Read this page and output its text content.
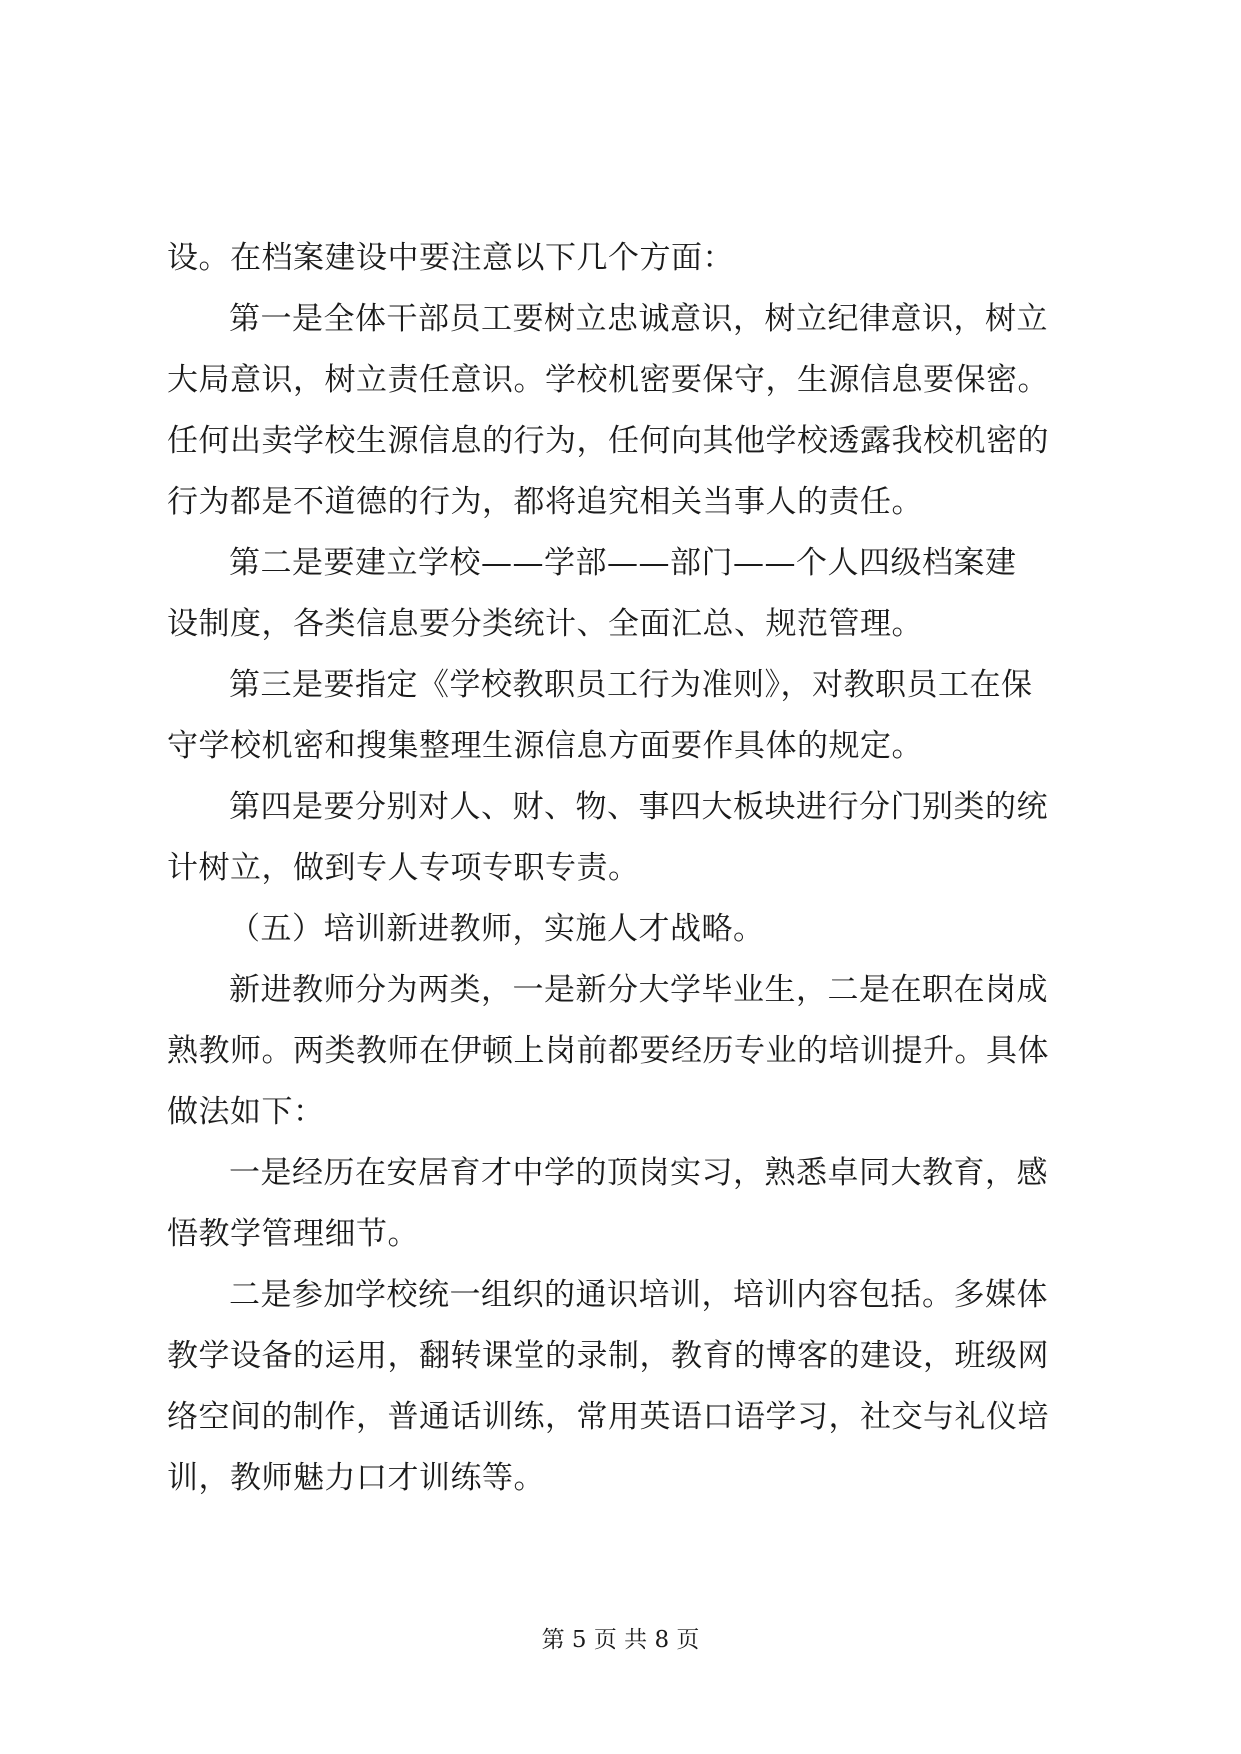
设。在档案建设中要注意以下几个方面：
第一是全体干部员工要树立忠诚意识，树立纪律意识，树立
大局意识，树立责任意识。学校机密要保守，生源信息要保密。
任何出卖学校生源信息的行为，任何向其他学校透露我校机密的
行为都是不道德的行为，都将追究相关当事人的责任。
第二是要建立学校——学部——部门——个人四级档案建
设制度，各类信息要分类统计、全面汇总、规范管理。
第三是要指定《学校教职员工行为准则》，对教职员工在保
守学校机密和搜集整理生源信息方面要作具体的规定。
第四是要分别对人、财、物、事四大板块进行分门别类的统
计树立，做到专人专项专职专责。
（五）培训新进教师，实施人才战略。
新进教师分为两类，一是新分大学毕业生，二是在职在岗成
熟教师。两类教师在伊顿上岗前都要经历专业的培训提升。具体
做法如下：
一是经历在安居育才中学的顶岗实习，熟悉卓同大教育，感
悟教学管理细节。
二是参加学校统一组织的通识培训，培训内容包括。多媒体
教学设备的运用，翻转课堂的录制，教育的博客的建设，班级网
络空间的制作，普通话训练，常用英语口语学习，社交与礼仪培
训，教师魅力口才训练等。
第 5 页 共 8 页
